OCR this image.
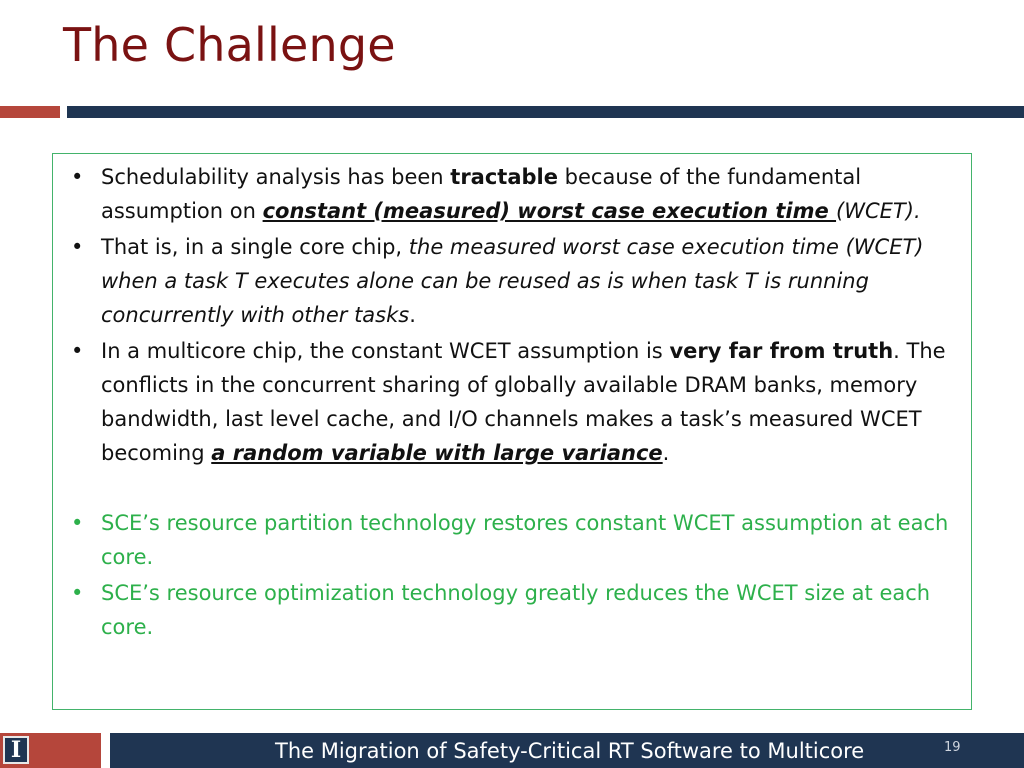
The Challenge
• Schedulability analysis has been tractable because of the fundamental assumption on constant (measured) worst case execution time (WCET).
• That is, in a single core chip, the measured worst case execution time (WCET) when a task T executes alone can be reused as is when task T is running concurrently with other tasks.
• In a multicore chip, the constant WCET assumption is very far from truth. The conflicts in the concurrent sharing of globally available DRAM banks, memory bandwidth, last level cache, and I/O channels makes a task’s measured WCET becoming a random variable with large variance.
• SCE’s resource partition technology restores constant WCET assumption at each core.
• SCE’s resource optimization technology greatly reduces the WCET size at each core.
I	The Migration of Safety-Critical RT Software to Multicore	19
